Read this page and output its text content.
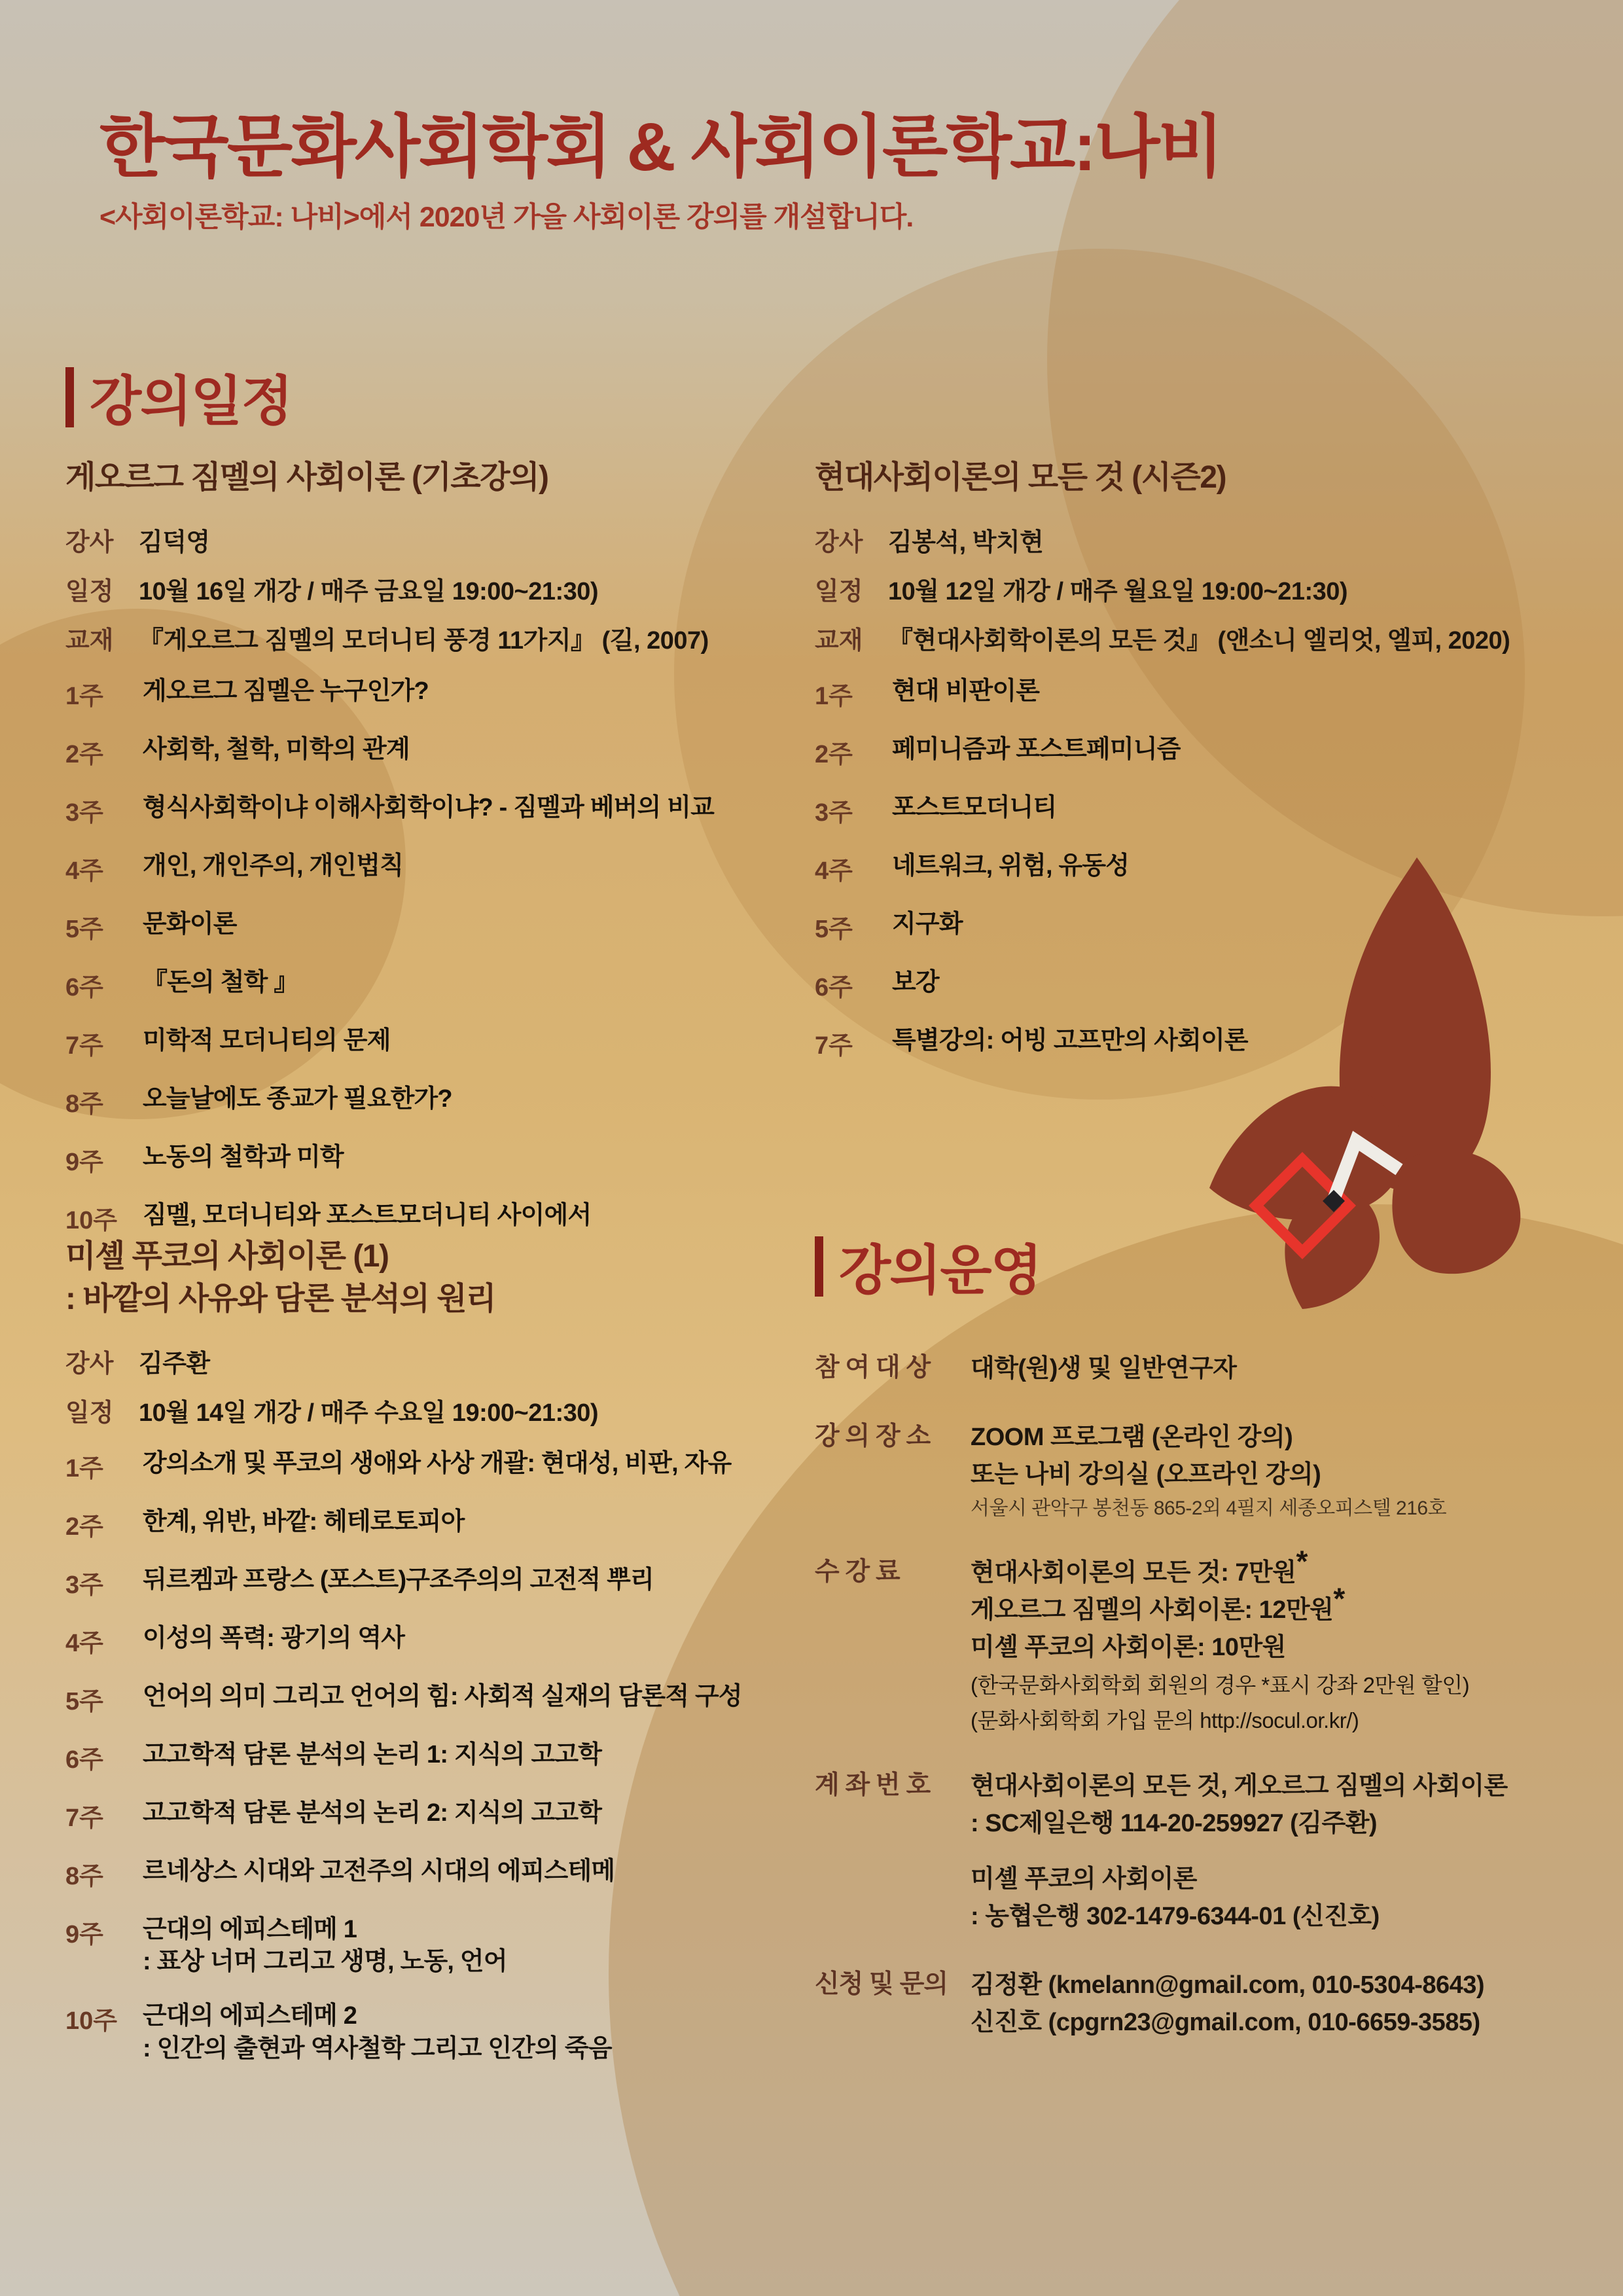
한국문화사회학회 & 사회이론학교:나비
<사회이론학교: 나비>에서 2020년 가을 사회이론 강의를 개설합니다.
강의일정
게오르그 짐멜의 사회이론 (기초강의)
강사	김덕영
일정	10월 16일 개강 / 매주 금요일 19:00~21:30)
교재	『게오르그 짐멜의 모더니티 풍경 11가지』 (길, 2007)
1주	게오르그 짐멜은 누구인가?
2주	사회학, 철학, 미학의 관계
3주	형식사회학이냐 이해사회학이냐? - 짐멜과 베버의 비교
4주	개인, 개인주의, 개인법칙
5주	문화이론
6주	『돈의 철학 』
7주	미학적 모더니티의 문제
8주	오늘날에도 종교가 필요한가?
9주	노동의 철학과 미학
10주	짐멜, 모더니티와 포스트모더니티 사이에서
현대사회이론의 모든 것 (시즌2)
강사	김봉석, 박치현
일정	10월 12일 개강 / 매주 월요일 19:00~21:30)
교재	『현대사회학이론의 모든 것』 (앤소니 엘리엇, 엘피, 2020)
1주	현대 비판이론
2주	페미니즘과 포스트페미니즘
3주	포스트모더니티
4주	네트워크, 위험, 유동성
5주	지구화
6주	보강
7주	특별강의: 어빙 고프만의 사회이론
미셸 푸코의 사회이론 (1)
: 바깥의 사유와 담론 분석의 원리
강사	김주환
일정	10월 14일 개강 / 매주 수요일 19:00~21:30)
1주	강의소개 및 푸코의 생애와 사상 개괄: 현대성, 비판, 자유
2주	한계, 위반, 바깥: 헤테로토피아
3주	뒤르켐과 프랑스 (포스트)구조주의의 고전적 뿌리
4주	이성의 폭력: 광기의 역사
5주	언어의 의미 그리고 언어의 힘: 사회적 실재의 담론적 구성
6주	고고학적 담론 분석의 논리 1: 지식의 고고학
7주	고고학적 담론 분석의 논리 2: 지식의 고고학
8주	르네상스 시대와 고전주의 시대의 에피스테메
9주	근대의 에피스테메 1
: 표상 너머 그리고 생명, 노동, 언어
10주	근대의 에피스테메 2
: 인간의 출현과 역사철학 그리고 인간의 죽음
강의운영
참 여 대 상	대학(원)생 및 일반연구자
강 의 장 소	ZOOM 프로그램 (온라인 강의)
또는 나비 강의실 (오프라인 강의)
서울시 관악구 봉천동 865-2외 4필지 세종오피스텔 216호
수 강 료	현대사회이론의 모든 것: 7만원*
게오르그 짐멜의 사회이론: 12만원*
미셸 푸코의 사회이론: 10만원
(한국문화사회학회 회원의 경우 *표시 강좌 2만원 할인)
(문화사회학회 가입 문의 http://socul.or.kr/)
계 좌 번 호	현대사회이론의 모든 것, 게오르그 짐멜의 사회이론
: SC제일은행 114-20-259927 (김주환)
미셸 푸코의 사회이론
: 농협은행 302-1479-6344-01 (신진호)
신청 및 문의 김정환 (kmelann@gmail.com, 010-5304-8643)
신진호 (cpgrn23@gmail.com, 010-6659-3585)
